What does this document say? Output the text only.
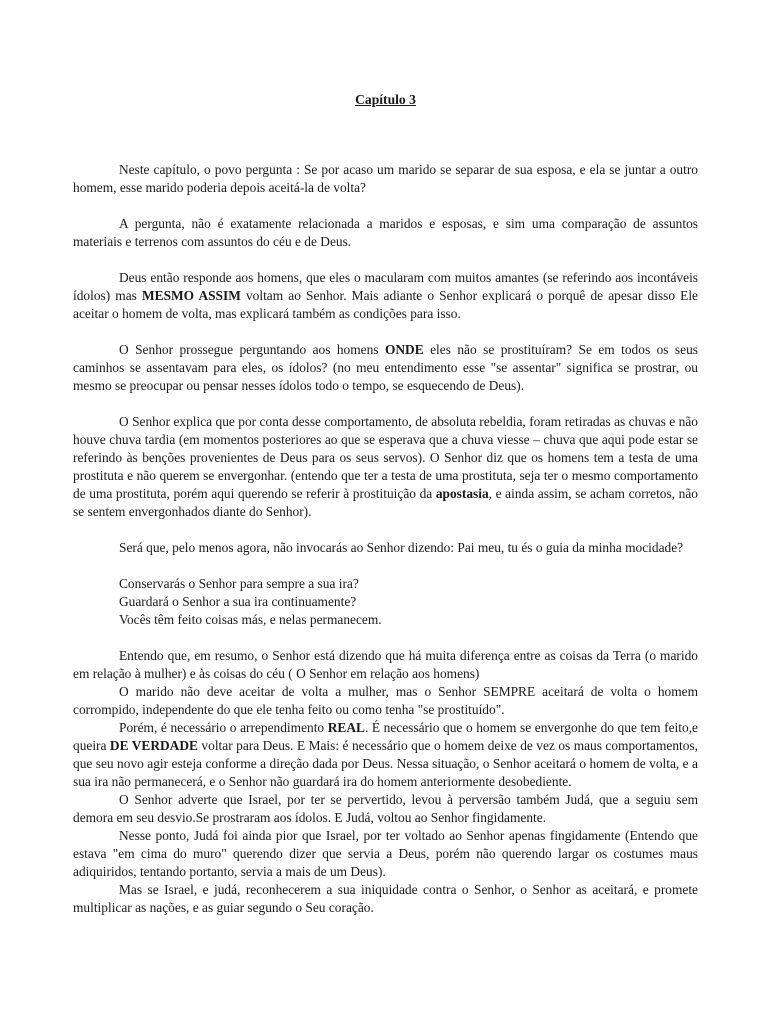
Capítulo 3

Neste capítulo, o povo pergunta : Se por acaso um marido se separar de sua esposa, e ela se juntar a outro homem, esse marido poderia depois aceitá-la de volta?

A pergunta, não é exatamente relacionada a maridos e esposas, e sim uma comparação de assuntos materiais e terrenos com assuntos do céu e de Deus.

Deus então responde aos homens, que eles o macularam com muitos amantes (se referindo aos incontáveis ídolos) mas MESMO ASSIM voltam ao Senhor. Mais adiante o Senhor explicará o porquê de apesar disso Ele aceitar o homem de volta, mas explicará também as condições para isso.

O Senhor prossegue perguntando aos homens ONDE eles não se prostituíram? Se em todos os seus caminhos se assentavam para eles, os ídolos? (no meu entendimento esse "se assentar" significa se prostrar, ou mesmo se preocupar ou pensar nesses ídolos todo o tempo, se esquecendo de Deus).

O Senhor explica que por conta desse comportamento, de absoluta rebeldia, foram retiradas as chuvas e não houve chuva tardia (em momentos posteriores ao que se esperava que a chuva viesse – chuva que aqui pode estar se referindo às benções provenientes de Deus para os seus servos). O Senhor diz que os homens tem a testa de uma prostituta e não querem se envergonhar. (entendo que ter a testa de uma prostituta, seja ter o mesmo comportamento de uma prostituta, porém aqui querendo se referir à prostituição da apostasia, e ainda assim, se acham corretos, não se sentem envergonhados diante do Senhor).

Será que, pelo menos agora, não invocarás ao Senhor dizendo: Pai meu, tu és o guia da minha mocidade?

Conservarás o Senhor para sempre a sua ira?
Guardará o Senhor a sua ira continuamente?
Vocês têm feito coisas más, e nelas permanecem.

Entendo que, em resumo, o Senhor está dizendo que há muita diferença entre as coisas da Terra (o marido em relação à mulher) e às coisas do céu ( O Senhor em relação aos homens)

O marido não deve aceitar de volta a mulher, mas o Senhor SEMPRE aceitará de volta o homem corrompido, independente do que ele tenha feito ou como tenha "se prostituído".

Porém, é necessário o arrependimento REAL. É necessário que o homem se envergonhe do que tem feito,e queira DE VERDADE voltar para Deus. E Mais: é necessário que o homem deixe de vez os maus comportamentos, que seu novo agir esteja conforme a direção dada por Deus. Nessa situação, o Senhor aceitará o homem de volta, e a sua ira não permanecerá, e o Senhor não guardará ira do homem anteriormente desobediente.

O Senhor adverte que Israel, por ter se pervertido, levou à perversão também Judá, que a seguiu sem demora em seu desvio.Se prostraram aos ídolos. E Judá, voltou ao Senhor fingidamente.

Nesse ponto, Judá foi ainda pior que Israel, por ter voltado ao Senhor apenas fingidamente (Entendo que estava "em cima do muro" querendo dizer que servia a Deus, porém não querendo largar os costumes maus adiquiridos, tentando portanto, servia a mais de um Deus).

Mas se Israel, e judá, reconhecerem a sua iniquidade contra o Senhor, o Senhor as aceitará, e promete multiplicar as nações, e as guiar segundo o Seu coração.
